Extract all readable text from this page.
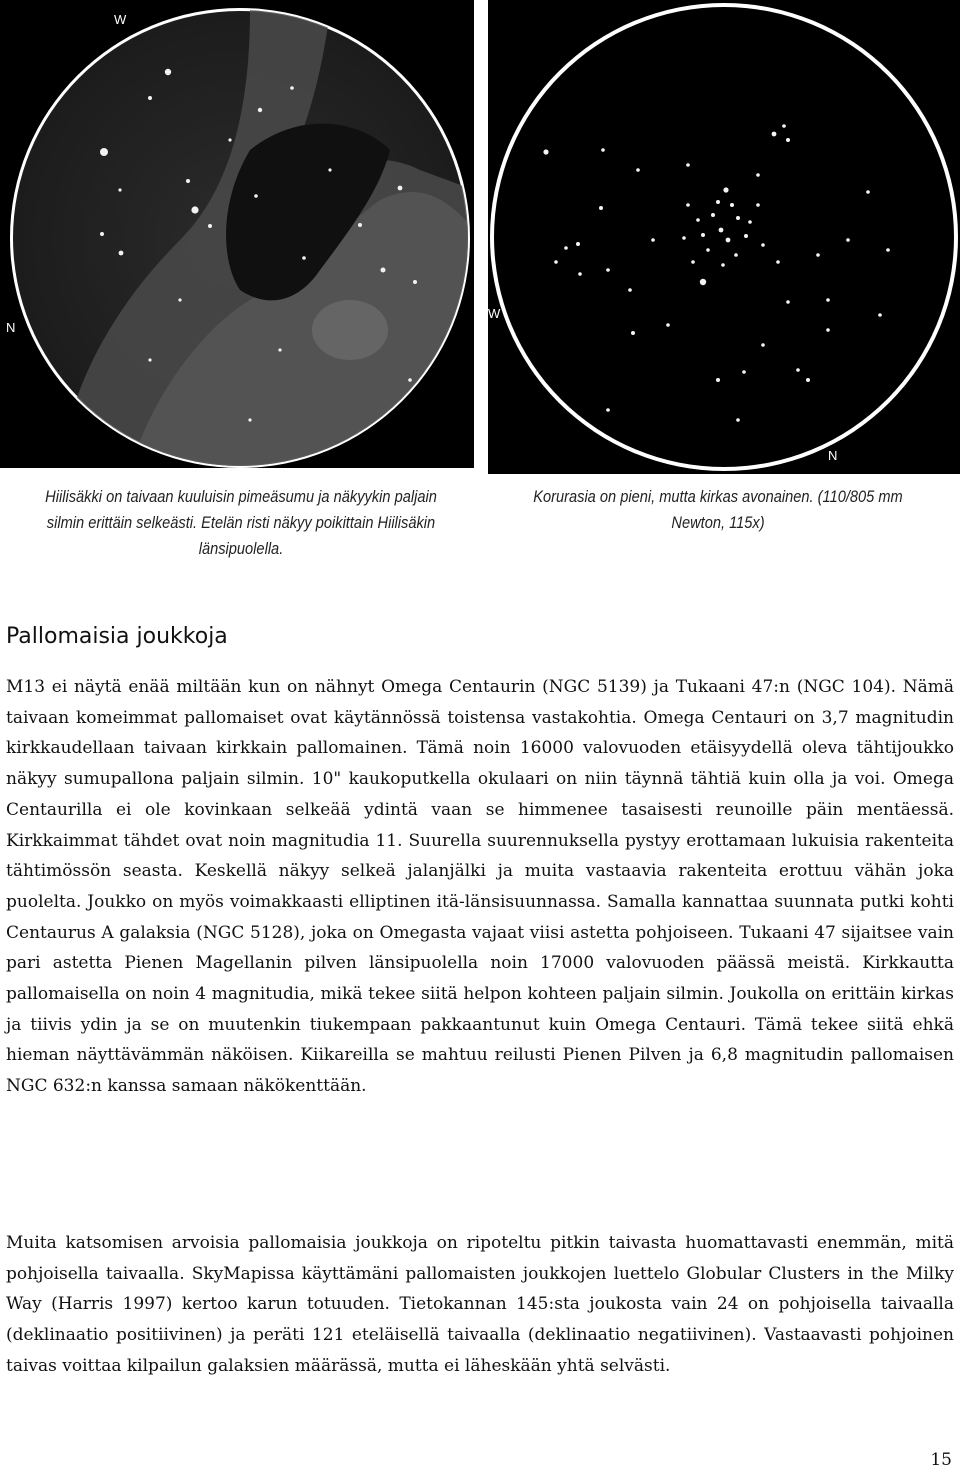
W
N
W
N
Hiilisäkki on taivaan kuuluisin pimeäsumu ja näkyykin paljain silmin erittäin selkeästi. Etelän risti näkyy poikittain Hiilisäkin länsipuolella.
Korurasia on pieni, mutta kirkas avonainen. (110/805 mm Newton, 115x)
Pallomaisia joukkoja

M13 ei näytä enää miltään kun on nähnyt Omega Centaurin (NGC 5139) ja Tukaani 47:n (NGC 104). Nämä taivaan komeimmat pallomaiset ovat käytännössä toistensa vastakohtia. Omega Centauri on 3,7 magnitudin kirkkaudellaan taivaan kirkkain pallomainen. Tämä noin 16000 valovuoden etäisyydellä oleva tähtijoukko näkyy sumupallona paljain silmin. 10" kaukoputkella okulaari on niin täynnä tähtiä kuin olla ja voi. Omega Centaurilla ei ole kovinkaan selkeää ydintä vaan se himmenee tasaisesti reunoille päin mentäessä. Kirkkaimmat tähdet ovat noin magnitudia 11. Suurella suurennuksella pystyy erottamaan lukuisia rakenteita tähtimössön seasta. Keskellä näkyy selkeä jalanjälki ja muita vastaavia rakenteita erottuu vähän joka puolelta. Joukko on myös voimakkaasti elliptinen itä-länsisuunnassa. Samalla kannattaa suunnata putki kohti Centaurus A galaksia (NGC 5128), joka on Omegasta vajaat viisi astetta pohjoiseen. Tukaani 47 sijaitsee vain pari astetta Pienen Magellanin pilven länsipuolella noin 17000 valovuoden päässä meistä. Kirkkautta pallomaisella on noin 4 magnitudia, mikä tekee siitä helpon kohteen paljain silmin. Joukolla on erittäin kirkas ja tiivis ydin ja se on muutenkin tiukempaan pakkaantunut kuin Omega Centauri. Tämä tekee siitä ehkä hieman näyttävämmän näköisen. Kiikareilla se mahtuu reilusti Pienen Pilven ja 6,8 magnitudin pallomaisen NGC 632:n kanssa samaan näkökenttään.

Muita katsomisen arvoisia pallomaisia joukkoja on ripoteltu pitkin taivasta huomattavasti enemmän, mitä pohjoisella taivaalla. SkyMapissa käyttämäni pallomaisten joukkojen luettelo Globular Clusters in the Milky Way (Harris 1997) kertoo karun totuuden. Tietokannan 145:sta joukosta vain 24 on pohjoisella taivaalla (deklinaatio positiivinen) ja peräti 121 eteläisellä taivaalla (deklinaatio negatiivinen). Vastaavasti pohjoinen taivas voittaa kilpailun galaksien määrässä, mutta ei läheskään yhtä selvästi.

15
